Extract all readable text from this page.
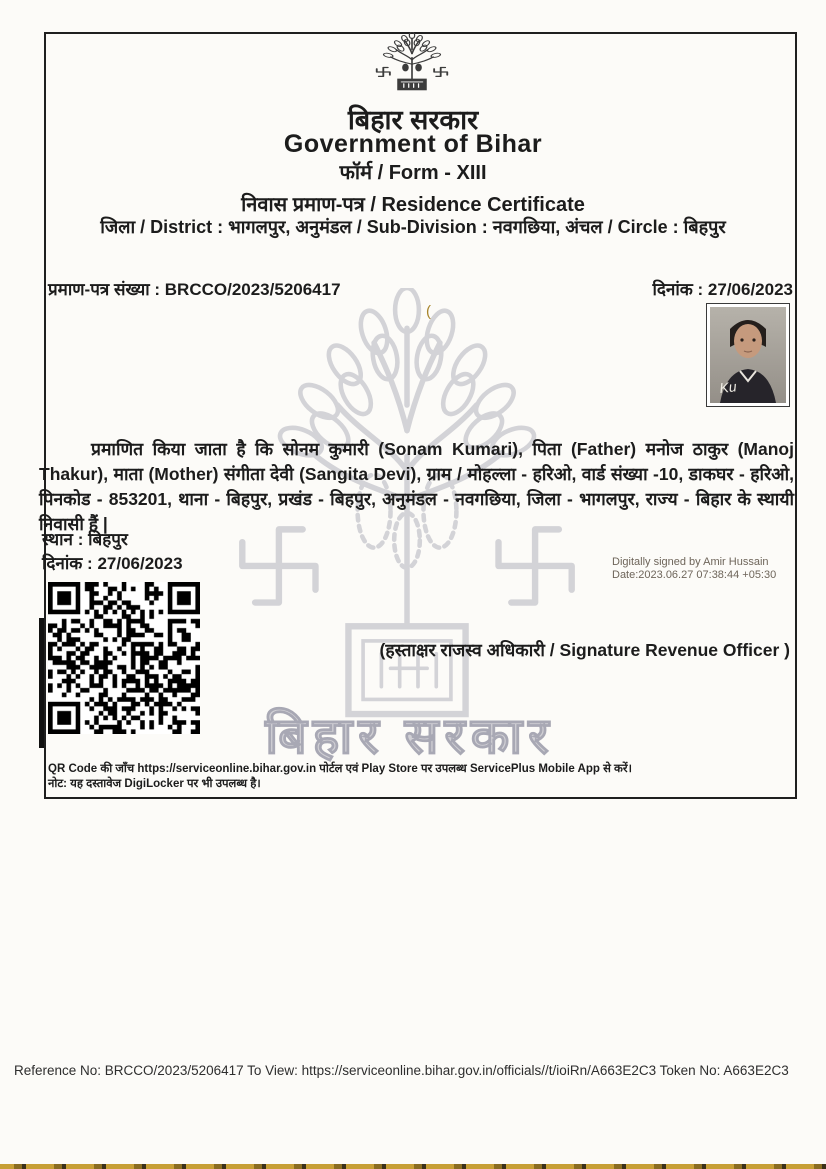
बिहार सरकार
बिहार सरकार
Government of Bihar
फॉर्म / Form - XIII
निवास प्रमाण-पत्र / Residence Certificate
जिला / District : भागलपुर, अनुमंडल / Sub-Division : नवगछिया, अंचल / Circle : बिहपुर
प्रमाण-पत्र संख्या : BRCCO/2023/5206417	दिनांक : 27/06/2023
(
Ku
प्रमाणित किया जाता है कि सोनम कुमारी (Sonam Kumari), पिता (Father) मनोज ठाकुर (Manoj Thakur), माता (Mother) संगीता देवी (Sangita Devi), ग्राम / मोहल्ला - हरिओ, वार्ड संख्या -10, डाकघर - हरिओ, पिनकोड - 853201, थाना - बिहपुर, प्रखंड - बिहपुर, अनुमंडल - नवगछिया, जिला - भागलपुर, राज्य - बिहार के स्थायी निवासी हैं |
स्थान : बिहपुर
दिनांक : 27/06/2023	Digitally signed by Amir Hussain
Date:2023.06.27 07:38:44 +05:30
(हस्ताक्षर राजस्व अधिकारी / Signature Revenue Officer )
QR Code की जाँच https://serviceonline.bihar.gov.in पोर्टल एवं Play Store पर उपलब्ध ServicePlus Mobile App से करें।
नोट: यह दस्तावेज DigiLocker पर भी उपलब्ध है।
Reference No: BRCCO/2023/5206417 To View: https://serviceonline.bihar.gov.in/officials//t/ioiRn/A663E2C3 Token No: A663E2C3
